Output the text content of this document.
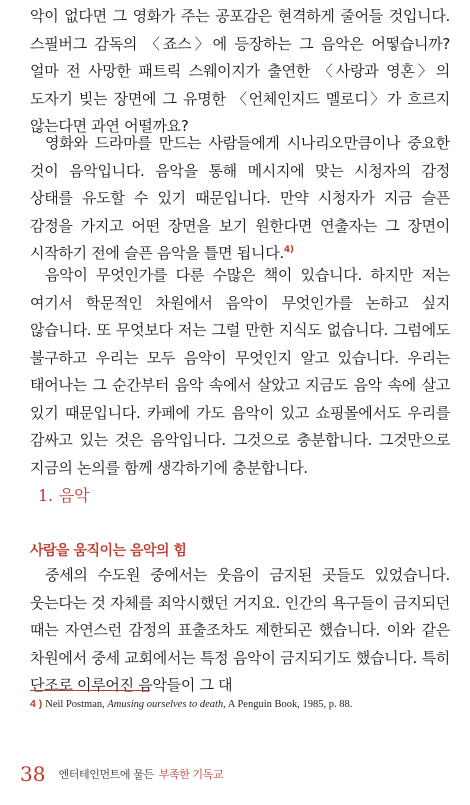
악이 없다면 그 영화가 주는 공포감은 현격하게 줄어들 것입니다. 스필버그 감독의 〈죠스〉에 등장하는 그 음악은 어떻습니까? 얼마 전 사망한 패트릭 스웨이지가 출연한 〈사랑과 영혼〉의 도자기 빚는 장면에 그 유명한 〈언체인지드 멜로디〉가 흐르지 않는다면 과연 어떨까요?

영화와 드라마를 만드는 사람들에게 시나리오만큼이나 중요한 것이 음악입니다. 음악을 통해 메시지에 맞는 시청자의 감정 상태를 유도할 수 있기 때문입니다. 만약 시청자가 지금 슬픈 감정을 가지고 어떤 장면을 보기 원한다면 연출자는 그 장면이 시작하기 전에 슬픈 음악을 틀면 됩니다.$^{4)}$

음악이 무엇인가를 다룬 수많은 책이 있습니다. 하지만 저는 여기서 학문적인 차원에서 음악이 무엇인가를 논하고 싶지 않습니다. 또 무엇보다 저는 그럴 만한 지식도 없습니다. 그럼에도 불구하고 우리는 모두 음악이 무엇인지 알고 있습니다. 우리는 태어나는 그 순간부터 음악 속에서 살았고 지금도 음악 속에 살고 있기 때문입니다. 카페에 가도 음악이 있고 쇼핑몰에서도 우리를 감싸고 있는 것은 음악입니다. 그것으로 충분합니다. 그것만으로 지금의 논의를 함께 생각하기에 충분합니다.

1. 음악
사람을 움직이는 음악의 힘

중세의 수도원 중에서는 웃음이 금지된 곳들도 있었습니다. 웃는다는 것 자체를 죄악시했던 거지요. 인간의 욕구들이 금지되던 때는 자연스런 감정의 표출조차도 제한되곤 했습니다. 이와 같은 차원에서 중세 교회에서는 특정 음악이 금지되기도 했습니다. 특히 단조로 이루어진 음악들이 그 대

4 ) Neil Postman, Amusing ourselves to death, A Penguin Book, 1985, p. 88.

38 엔터테인먼트에 물든 부족한 기독교
